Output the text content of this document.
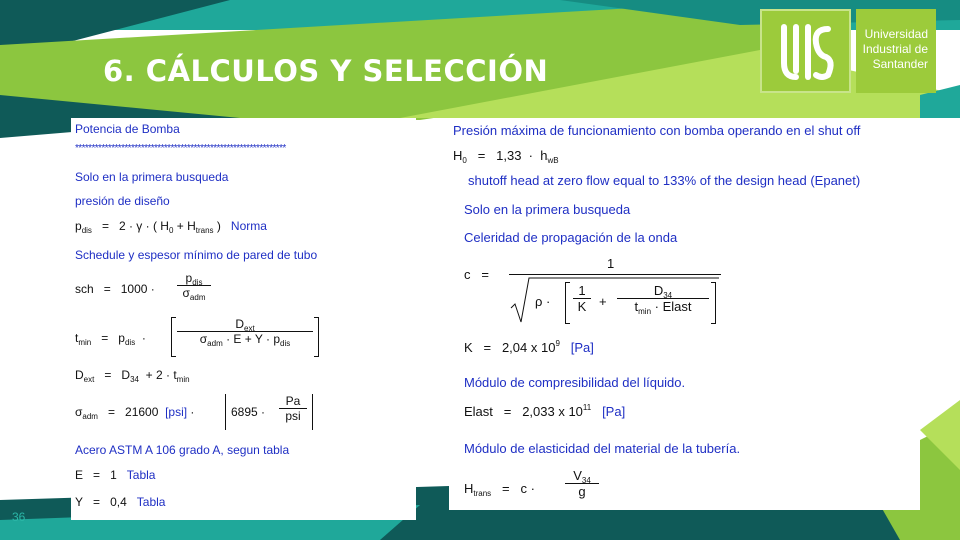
6. CÁLCULOS Y SELECCIÓN
Universidad
Industrial de
Santander
Potencia de Bomba
****************************************************************
Solo en la primera busqueda
presión de diseño
$p_{dis} = 2 \cdot \gamma$ · ( $H_0 + H_{trans}$ ) Norma
Schedule y espesor mínimo de pared de tubo
sch = 1000 ·
$p_{dis}$
$\sigma_{adm}$
$t_{min} = p_{dis}$ ·
$D_{ext}$
$\sigma_{adm} \cdot E + Y \cdot p_{dis}$
$D_{ext} = D_{34} + 2 \cdot t_{min}$
$\sigma_{adm} = 21600$ [psi] ·	6895 ·
Pa
psi
Acero ASTM A 106 grado A, segun tabla
E = 1 Tabla
Y = 0,4 Tabla
Presión máxima de funcionamiento con bomba operando en el shut off
$H_0 = 1,33 \cdot h_{wB}$
shutoff head at zero flow equal to 133% of the design head (Epanet)
Solo en la primera busqueda
Celeridad de propagación de la onda
c =
1
$\rho \cdot \frac{1}{K}$ +
$D_{34}$
$t_{min}$ · Elast
K = 2,04 x $10^9$ [Pa]
Módulo de compresibilidad del líquido.
Elast = 2,033 x $10^{11}$ [Pa]
Módulo de elasticidad del material de la tubería.
$H_{trans} = c \cdot \frac{V_{34}}{g}$
36
